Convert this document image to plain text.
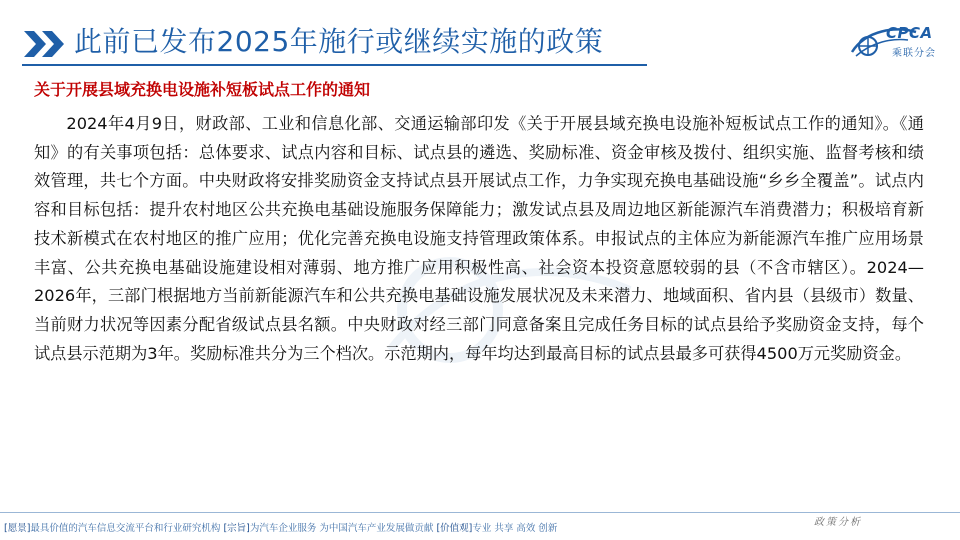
此前已发布2025年施行或继续实施的政策	CPCA
乘联分会
关于开展县域充换电设施补短板试点工作的通知
2024年4月9日，财政部、工业和信息化部、交通运输部印发《关于开展县域充换电设施补短板试点工作的通知》。《通知》的有关事项包括：总体要求、试点内容和目标、试点县的遴选、奖励标准、资金审核及拨付、组织实施、监督考核和绩效管理，共七个方面。中央财政将安排奖励资金支持试点县开展试点工作，力争实现充换电基础设施“乡乡全覆盖”。试点内容和目标包括：提升农村地区公共充换电基础设施服务保障能力；激发试点县及周边地区新能源汽车消费潜力；积极培育新技术新模式在农村地区的推广应用；优化完善充换电设施支持管理政策体系。申报试点的主体应为新能源汽车推广应用场景丰富、公共充换电基础设施建设相对薄弱、地方推广应用积极性高、社会资本投资意愿较弱的县（不含市辖区）。2024—2026年，三部门根据地方当前新能源汽车和公共充换电基础设施发展状况及未来潜力、地域面积、省内县（县级市）数量、当前财力状况等因素分配省级试点县名额。中央财政对经三部门同意备案且完成任务目标的试点县给予奖励资金支持，每个试点县示范期为3年。奖励标准共分为三个档次。示范期内，每年均达到最高目标的试点县最多可获得4500万元奖励资金。
[愿景]最具价值的汽车信息交流平台和行业研究机构 [宗旨]为汽车企业服务 为中国汽车产业发展做贡献 [价值观]专业 共享 高效 创新
政策分析
